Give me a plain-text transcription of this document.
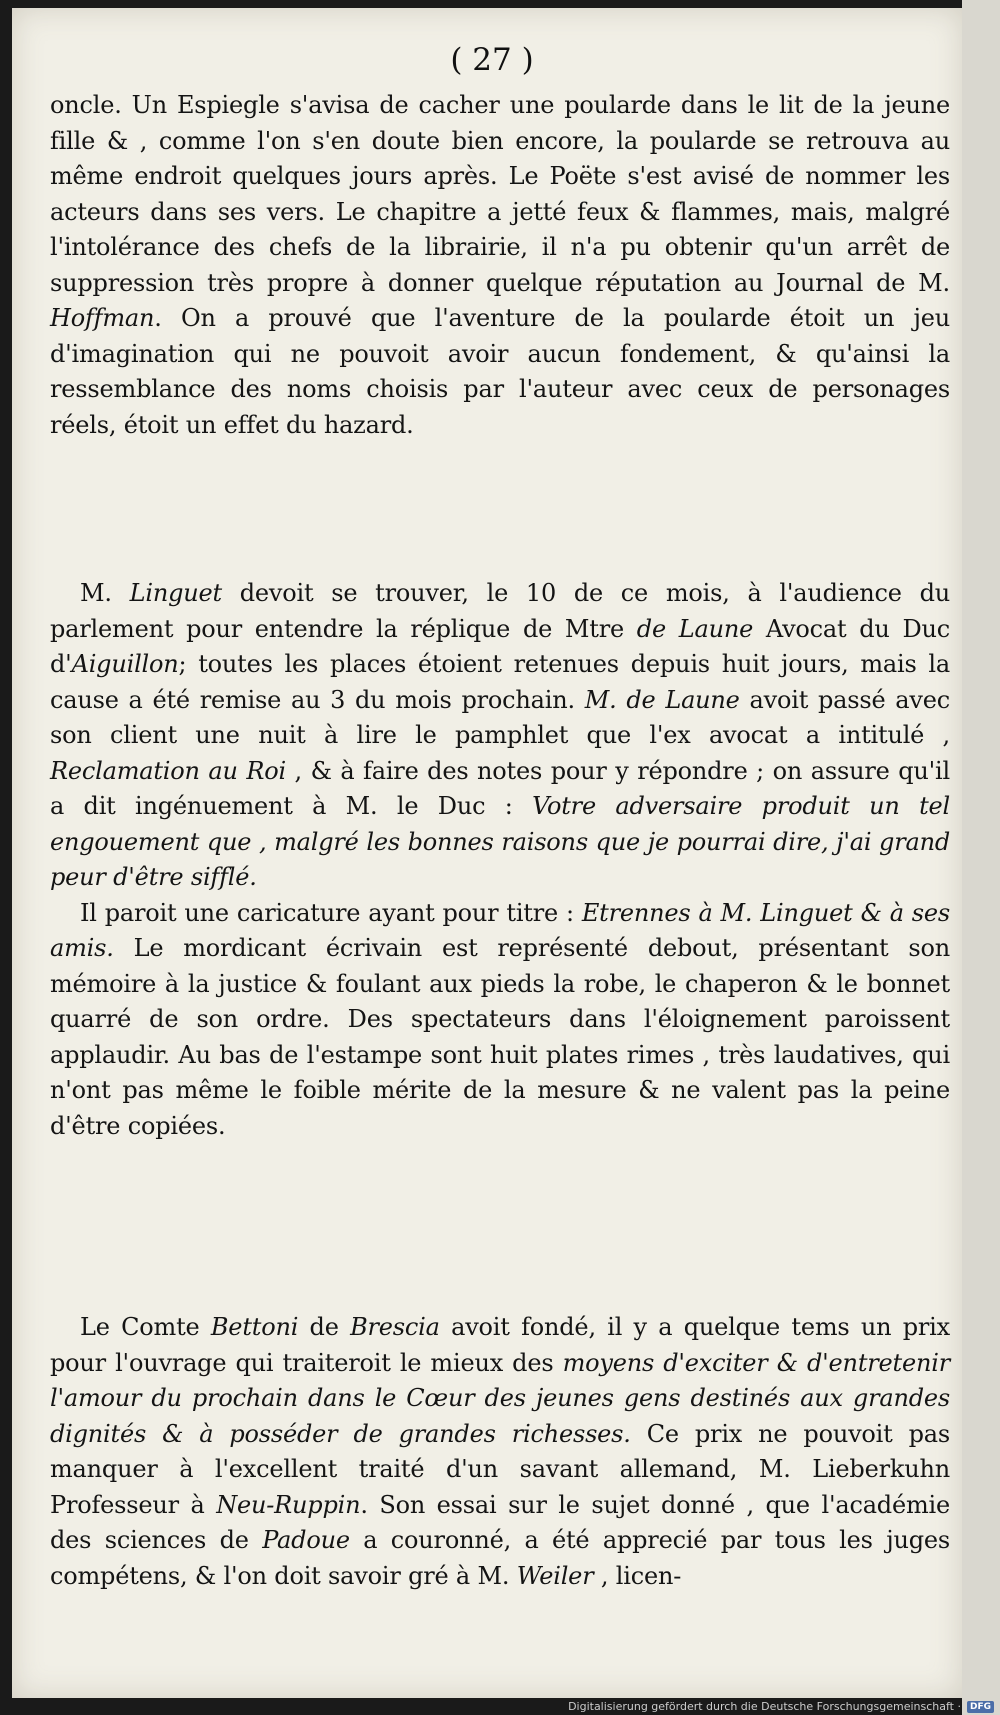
( 27 )

oncle. Un Espiegle s'avisa de cacher une poularde dans le lit de la jeune fille & , comme l'on s'en doute bien encore, la poularde se retrouva au même endroit quelques jours après. Le Poëte s'est avisé de nommer les acteurs dans ses vers. Le chapitre a jetté feux & flammes, mais, malgré l'intolérance des chefs de la librairie, il n'a pu obtenir qu'un arrêt de suppression très propre à donner quelque réputation au Journal de M. Hoffman. On a prouvé que l'aventure de la poularde étoit un jeu d'imagination qui ne pouvoit avoir aucun fondement, & qu'ainsi la ressemblance des noms choisis par l'auteur avec ceux de personages réels, étoit un effet du hazard.

M. Linguet devoit se trouver, le 10 de ce mois, à l'audience du parlement pour entendre la réplique de Mtre de Laune Avocat du Duc d'Aiguillon; toutes les places étoient retenues depuis huit jours, mais la cause a été remise au 3 du mois prochain. M. de Laune avoit passé avec son client une nuit à lire le pamphlet que l'ex avocat a intitulé , Reclamation au Roi , & à faire des notes pour y répondre ; on assure qu'il a dit ingénuement à M. le Duc : Votre adversaire produit un tel engouement que , malgré les bonnes raisons que je pourrai dire, j'ai grand peur d'être sifflé.

Il paroit une caricature ayant pour titre : Etrennes à M. Linguet & à ses amis. Le mordicant écrivain est représenté debout, présentant son mémoire à la justice & foulant aux pieds la robe, le chaperon & le bonnet quarré de son ordre. Des spectateurs dans l'éloignement paroissent applaudir. Au bas de l'estampe sont huit plates rimes , très laudatives, qui n'ont pas même le foible mérite de la mesure & ne valent pas la peine d'être copiées.

Le Comte Bettoni de Brescia avoit fondé, il y a quelque tems un prix pour l'ouvrage qui traiteroit le mieux des moyens d'exciter & d'entretenir l'amour du prochain dans le Cœur des jeunes gens destinés aux grandes dignités & à posséder de grandes richesses. Ce prix ne pouvoit pas manquer à l'excellent traité d'un savant allemand, M. Lieberkuhn Professeur à Neu-Ruppin. Son essai sur le sujet donné , que l'académie des sciences de Padoue a couronné, a été apprecié par tous les juges compétens, & l'on doit savoir gré à M. Weiler , licen-

Digitalisierung gefördert durch die Deutsche Forschungsgemeinschaft ·	DFG
